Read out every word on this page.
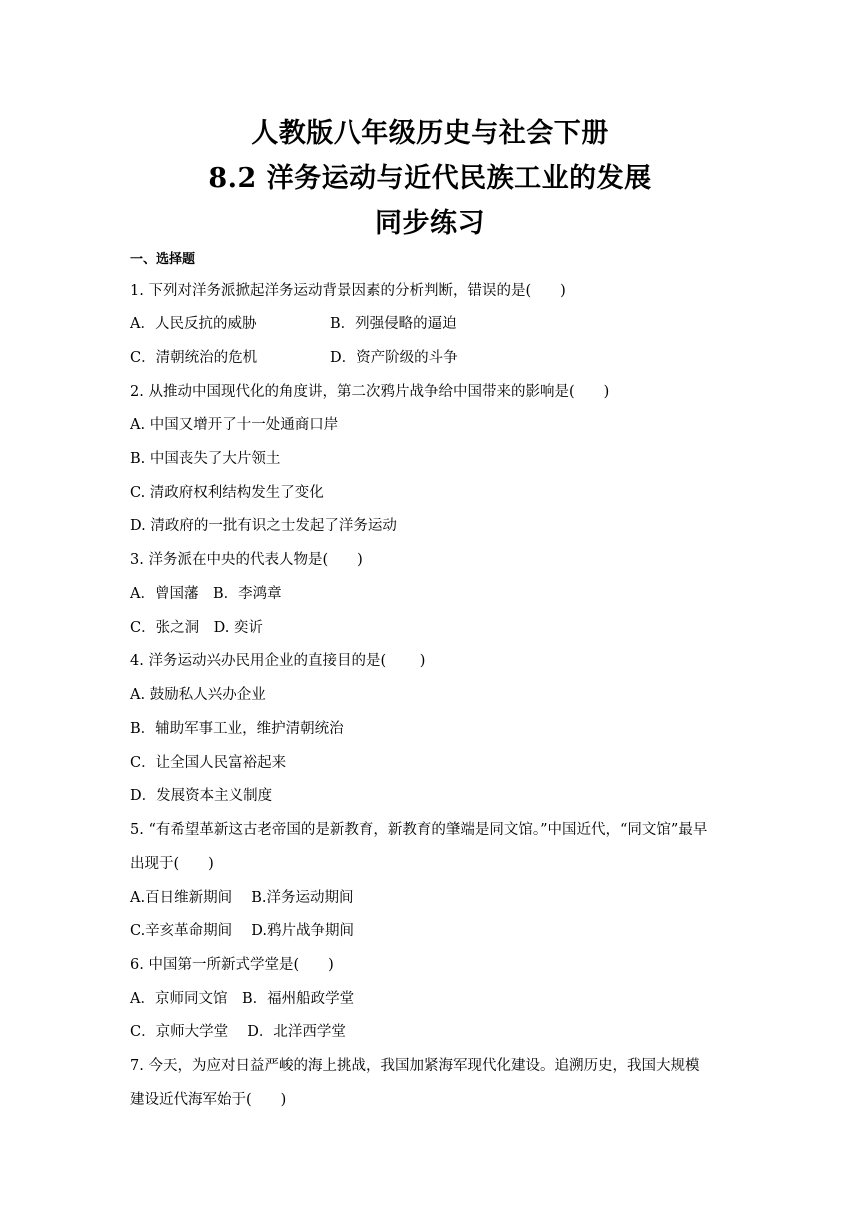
人教版八年级历史与社会下册
8.2 洋务运动与近代民族工业的发展
同步练习
一、选择题
1. 下列对洋务派掀起洋务运动背景因素的分析判断，错误的是(　　)
A．人民反抗的威胁	B．列强侵略的逼迫
C．清朝统治的危机	D．资产阶级的斗争
2. 从推动中国现代化的角度讲，第二次鸦片战争给中国带来的影响是(　　)
A. 中国又增开了十一处通商口岸
B. 中国丧失了大片领土
C. 清政府权利结构发生了变化
D. 清政府的一批有识之士发起了洋务运动
3. 洋务派在中央的代表人物是(　　)
A．曾国藩　B．李鸿章
C．张之洞　D. 奕䜣
4. 洋务运动兴办民用企业的直接目的是(　　 )
A. 鼓励私人兴办企业
B．辅助军事工业，维护清朝统治
C．让全国人民富裕起来
D．发展资本主义制度
5. “有希望革新这古老帝国的是新教育，新教育的肇端是同文馆。”中国近代，“同文馆”最早
出现于(　　)
A.百日维新期间　 B.洋务运动期间
C.辛亥革命期间　 D.鸦片战争期间
6. 中国第一所新式学堂是(　　)
A．京师同文馆　B．福州船政学堂
C．京师大学堂　 D．北洋西学堂
7. 今天，为应对日益严峻的海上挑战，我国加紧海军现代化建设。追溯历史，我国大规模
建设近代海军始于(　　)
